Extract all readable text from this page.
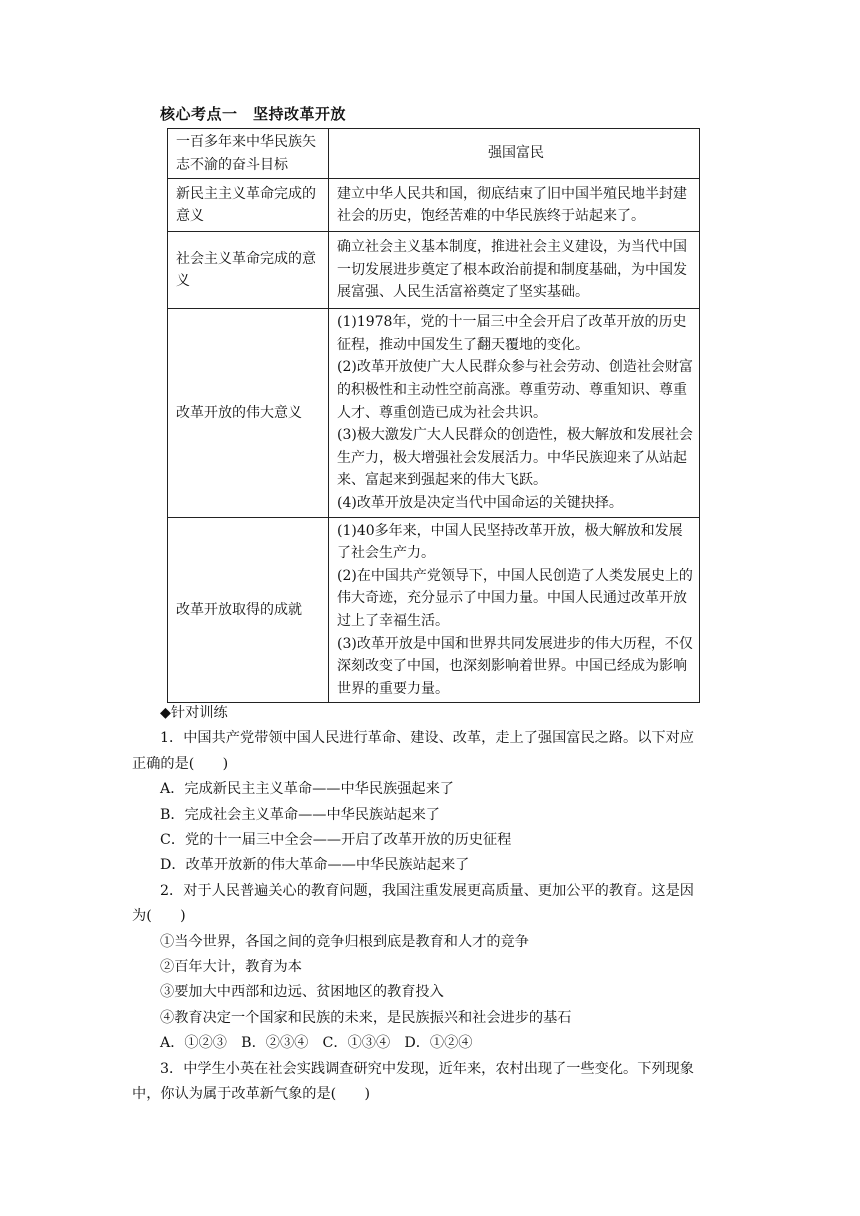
核心考点一　坚持改革开放
一百多年来中华民族矢志不渝的奋斗目标	强国富民
新民主主义革命完成的意义	建立中华人民共和国，彻底结束了旧中国半殖民地半封建社会的历史，饱经苦难的中华民族终于站起来了。
社会主义革命完成的意义	确立社会主义基本制度，推进社会主义建设，为当代中国一切发展进步奠定了根本政治前提和制度基础，为中国发展富强、人民生活富裕奠定了坚实基础。
改革开放的伟大意义	(1)1978年，党的十一届三中全会开启了改革开放的历史征程，推动中国发生了翻天覆地的变化。
(2)改革开放使广大人民群众参与社会劳动、创造社会财富的积极性和主动性空前高涨。尊重劳动、尊重知识、尊重人才、尊重创造已成为社会共识。
(3)极大激发广大人民群众的创造性，极大解放和发展社会生产力，极大增强社会发展活力。中华民族迎来了从站起来、富起来到强起来的伟大飞跃。
(4)改革开放是决定当代中国命运的关键抉择。

改革开放取得的成就	(1)40多年来，中国人民坚持改革开放，极大解放和发展了社会生产力。
(2)在中国共产党领导下，中国人民创造了人类发展史上的伟大奇迹，充分显示了中国力量。中国人民通过改革开放过上了幸福生活。
(3)改革开放是中国和世界共同发展进步的伟大历程，不仅深刻改变了中国，也深刻影响着世界。中国已经成为影响世界的重要力量。

◆针对训练

1．中国共产党带领中国人民进行革命、建设、改革，走上了强国富民之路。以下对应正确的是(　　)

A．完成新民主主义革命——中华民族强起来了

B．完成社会主义革命——中华民族站起来了

C．党的十一届三中全会——开启了改革开放的历史征程

D．改革开放新的伟大革命——中华民族站起来了

2．对于人民普遍关心的教育问题，我国注重发展更高质量、更加公平的教育。这是因为(　　)

①当今世界，各国之间的竞争归根到底是教育和人才的竞争

②百年大计，教育为本

③要加大中西部和边远、贫困地区的教育投入

④教育决定一个国家和民族的未来，是民族振兴和社会进步的基石

A．①②③　B．②③④　C．①③④　D．①②④

3．中学生小英在社会实践调查研究中发现，近年来，农村出现了一些变化。下列现象中，你认为属于改革新气象的是(　　)
